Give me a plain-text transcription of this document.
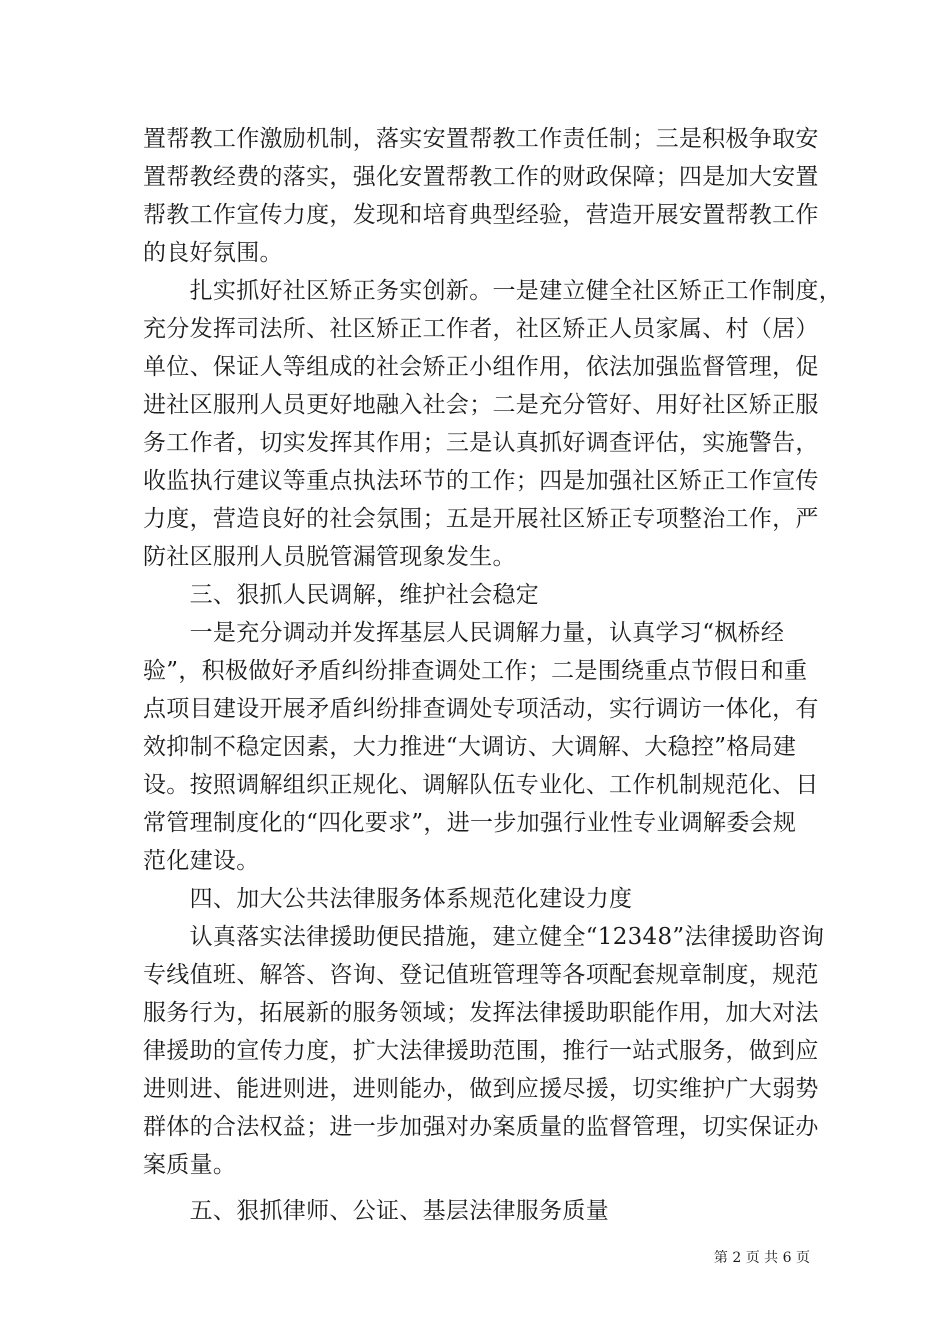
置帮教工作激励机制，落实安置帮教工作责任制；三是积极争取安
置帮教经费的落实，强化安置帮教工作的财政保障；四是加大安置
帮教工作宣传力度，发现和培育典型经验，营造开展安置帮教工作
的良好氛围。
　　扎实抓好社区矫正务实创新。一是建立健全社区矫正工作制度，
充分发挥司法所、社区矫正工作者，社区矫正人员家属、村（居）
单位、保证人等组成的社会矫正小组作用，依法加强监督管理，促
进社区服刑人员更好地融入社会；二是充分管好、用好社区矫正服
务工作者，切实发挥其作用；三是认真抓好调查评估，实施警告，
收监执行建议等重点执法环节的工作；四是加强社区矫正工作宣传
力度，营造良好的社会氛围；五是开展社区矫正专项整治工作，严
防社区服刑人员脱管漏管现象发生。
　　三、狠抓人民调解，维护社会稳定
　　一是充分调动并发挥基层人民调解力量，认真学习“枫桥经
验”，积极做好矛盾纠纷排查调处工作；二是围绕重点节假日和重
点项目建设开展矛盾纠纷排查调处专项活动，实行调访一体化，有
效抑制不稳定因素，大力推进“大调访、大调解、大稳控”格局建
设。按照调解组织正规化、调解队伍专业化、工作机制规范化、日
常管理制度化的“四化要求”，进一步加强行业性专业调解委会规
范化建设。
　　四、加大公共法律服务体系规范化建设力度
　　认真落实法律援助便民措施，建立健全“12348”法律援助咨询
专线值班、解答、咨询、登记值班管理等各项配套规章制度，规范
服务行为，拓展新的服务领域；发挥法律援助职能作用，加大对法
律援助的宣传力度，扩大法律援助范围，推行一站式服务，做到应
进则进、能进则进，进则能办，做到应援尽援，切实维护广大弱势
群体的合法权益；进一步加强对办案质量的监督管理，切实保证办
案质量。
　　五、狠抓律师、公证、基层法律服务质量
第 2 页 共 6 页
